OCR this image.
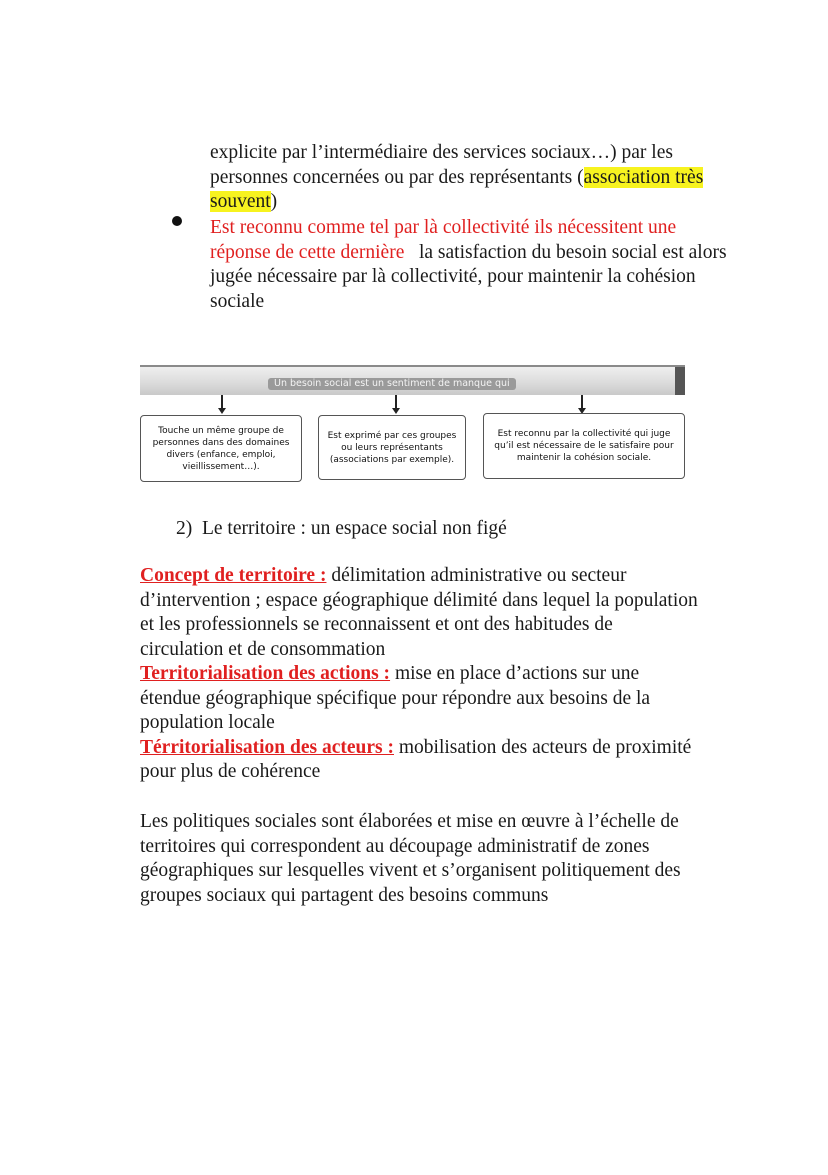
explicite par l’intermédiaire des services sociaux…) par les personnes concernées ou par des représentants (association très souvent)
Est reconnu comme tel par là collectivité ils nécessitent une réponse de cette dernière   la satisfaction du besoin social est alors jugée nécessaire par là collectivité, pour maintenir la cohésion sociale
Un besoin social est un sentiment de manque qui
Touche un même groupe de personnes dans des domaines divers (enfance, emploi, vieillissement…).
Est exprimé par ces groupes ou leurs représentants (associations par exemple).
Est reconnu par la collectivité qui juge qu’il est nécessaire de le satisfaire pour maintenir la cohésion sociale.
2)  Le territoire : un espace social non figé
Concept de territoire : délimitation administrative ou secteur d’intervention ; espace géographique délimité dans lequel la population et les professionnels se reconnaissent et ont des habitudes de circulation et de consommation
Territorialisation des actions : mise en place d’actions sur une étendue géographique spécifique pour répondre aux besoins de la population locale
Térritorialisation des acteurs : mobilisation des acteurs de proximité pour plus de cohérence
Les politiques sociales sont élaborées et mise en œuvre à l’échelle de territoires qui correspondent au découpage administratif de zones géographiques sur lesquelles vivent et s’organisent politiquement des groupes sociaux qui partagent des besoins communs
